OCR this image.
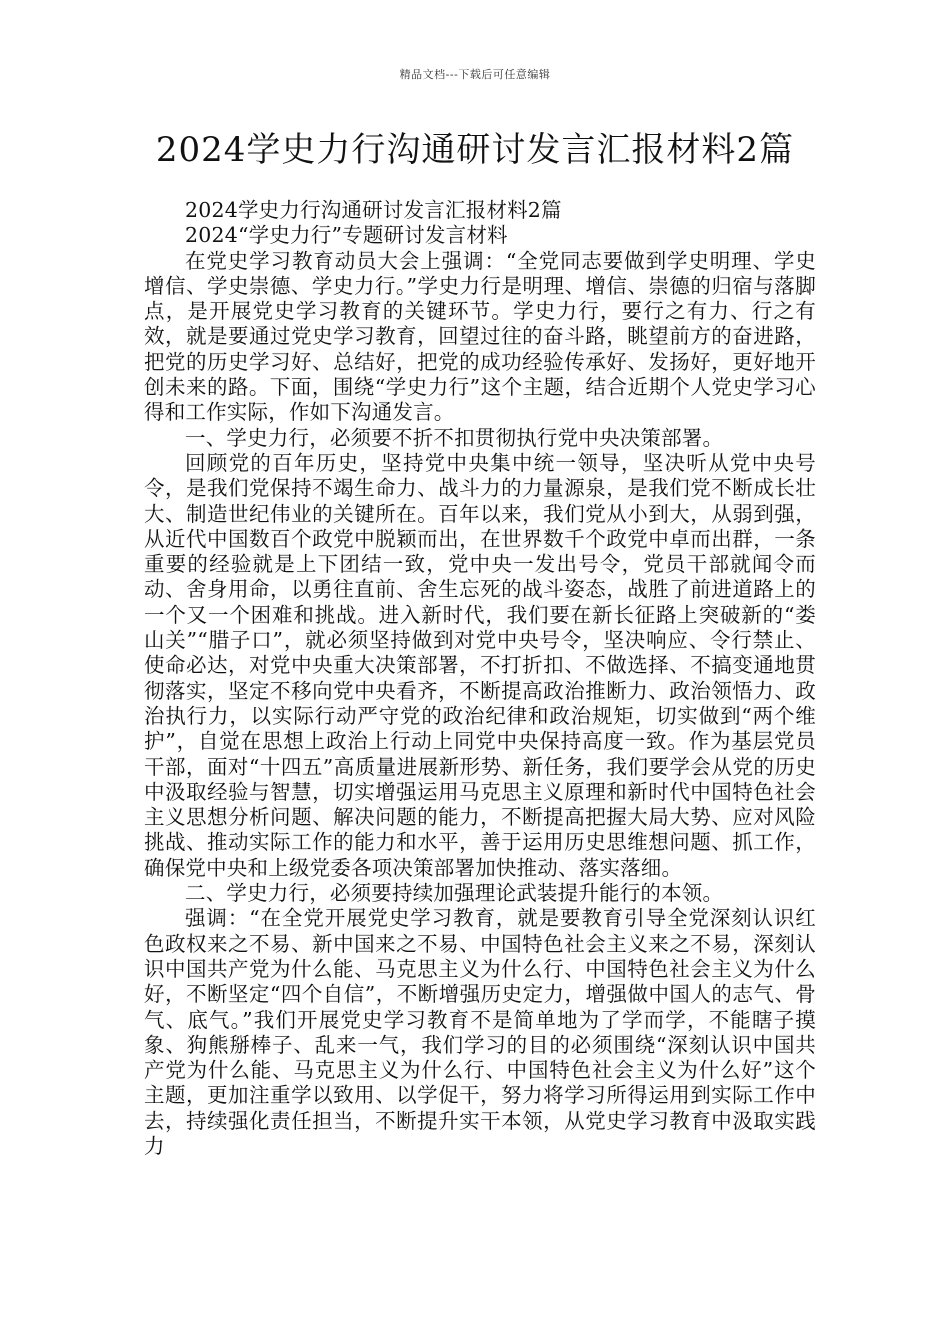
精品文档---下载后可任意编辑
2024学史力行沟通研讨发言汇报材料2篇

2024学史力行沟通研讨发言汇报材料2篇

2024“学史力行”专题研讨发言材料

在党史学习教育动员大会上强调：“全党同志要做到学史明理、学史增信、学史崇德、学史力行。”学史力行是明理、增信、崇德的归宿与落脚点，是开展党史学习教育的关键环节。学史力行，要行之有力、行之有效，就是要通过党史学习教育，回望过往的奋斗路，眺望前方的奋进路，把党的历史学习好、总结好，把党的成功经验传承好、发扬好，更好地开创未来的路。下面，围绕“学史力行”这个主题，结合近期个人党史学习心得和工作实际，作如下沟通发言。

一、学史力行，必须要不折不扣贯彻执行党中央决策部署。

回顾党的百年历史，坚持党中央集中统一领导，坚决听从党中央号令，是我们党保持不竭生命力、战斗力的力量源泉，是我们党不断成长壮大、制造世纪伟业的关键所在。百年以来，我们党从小到大，从弱到强，从近代中国数百个政党中脱颖而出，在世界数千个政党中卓而出群，一条重要的经验就是上下团结一致，党中央一发出号令，党员干部就闻令而动、舍身用命，以勇往直前、舍生忘死的战斗姿态，战胜了前进道路上的一个又一个困难和挑战。进入新时代，我们要在新长征路上突破新的“娄山关”“腊子口”，就必须坚持做到对党中央号令，坚决响应、令行禁止、使命必达，对党中央重大决策部署，不打折扣、不做选择、不搞变通地贯彻落实，坚定不移向党中央看齐，不断提高政治推断力、政治领悟力、政治执行力，以实际行动严守党的政治纪律和政治规矩，切实做到“两个维护”，自觉在思想上政治上行动上同党中央保持高度一致。作为基层党员干部，面对“十四五”高质量进展新形势、新任务，我们要学会从党的历史中汲取经验与智慧，切实增强运用马克思主义原理和新时代中国特色社会主义思想分析问题、解决问题的能力，不断提高把握大局大势、应对风险挑战、推动实际工作的能力和水平，善于运用历史思维想问题、抓工作，确保党中央和上级党委各项决策部署加快推动、落实落细。

二、学史力行，必须要持续加强理论武装提升能行的本领。

强调：“在全党开展党史学习教育，就是要教育引导全党深刻认识红色政权来之不易、新中国来之不易、中国特色社会主义来之不易，深刻认识中国共产党为什么能、马克思主义为什么行、中国特色社会主义为什么好，不断坚定“四个自信”，不断增强历史定力，增强做中国人的志气、骨气、底气。”我们开展党史学习教育不是简单地为了学而学，不能瞎子摸象、狗熊掰棒子、乱来一气，我们学习的目的必须围绕“深刻认识中国共产党为什么能、马克思主义为什么行、中国特色社会主义为什么好”这个主题，更加注重学以致用、以学促干，努力将学习所得运用到实际工作中去，持续强化责任担当，不断提升实干本领，从党史学习教育中汲取实践力
